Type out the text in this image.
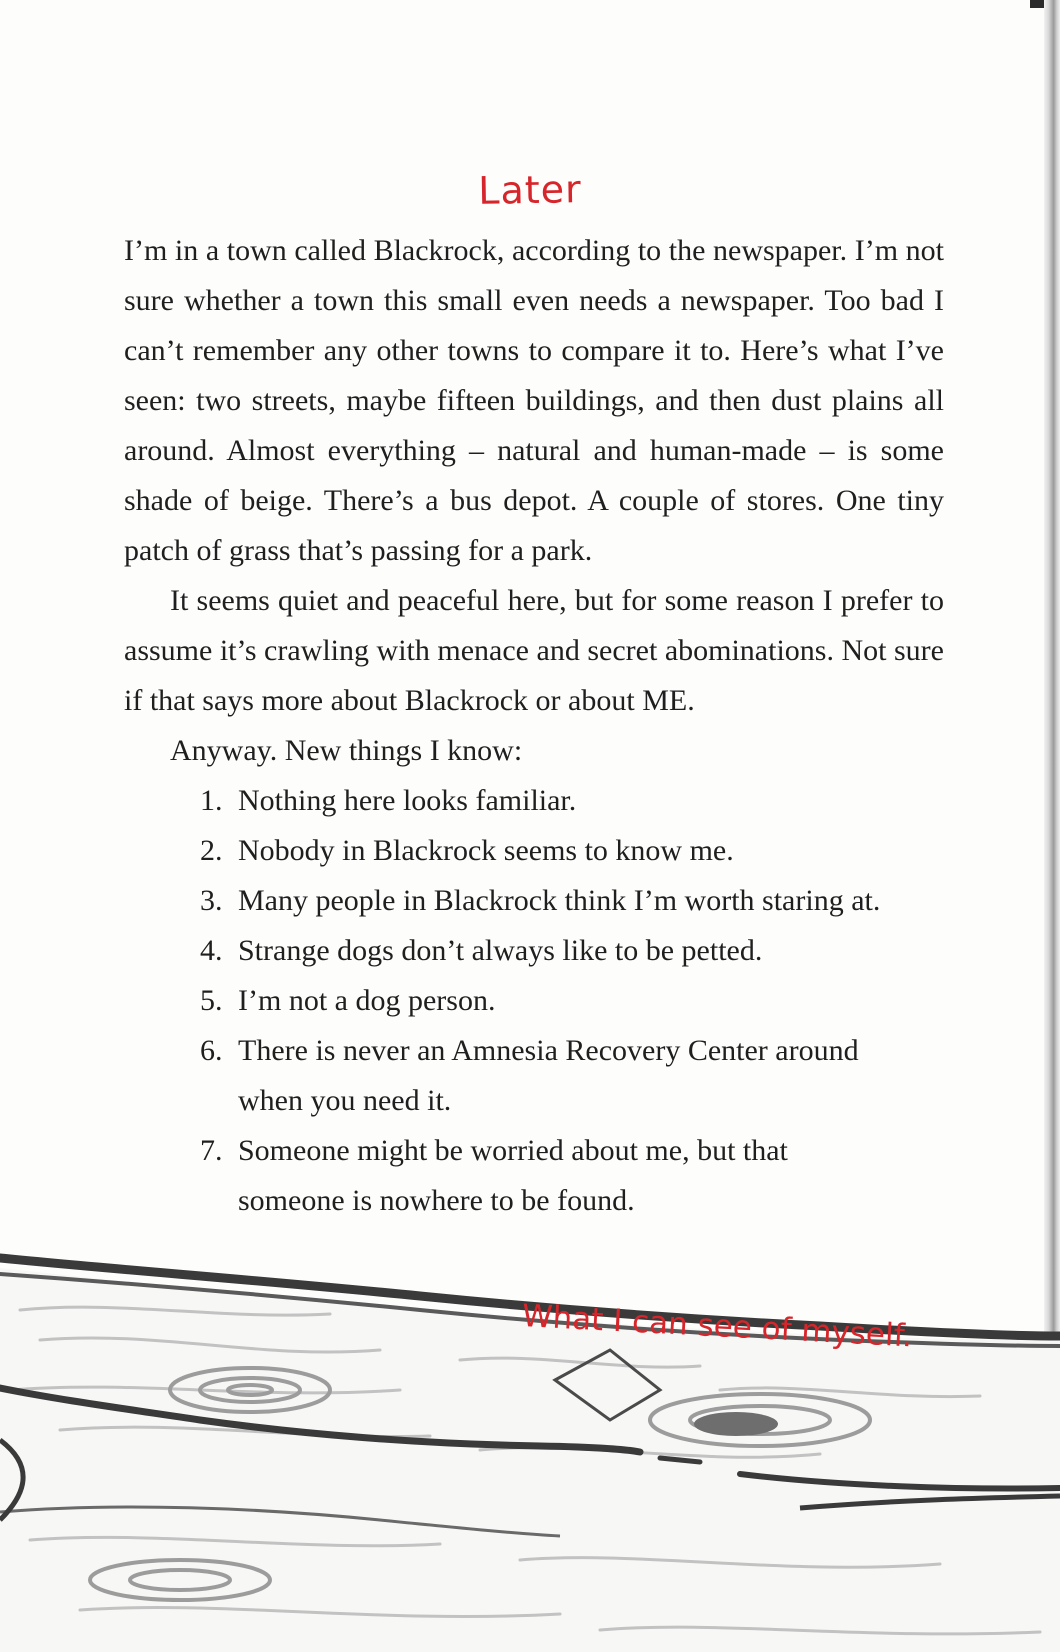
Later

I’m in a town called Blackrock, according to the newspaper. I’m not sure whether a town this small even needs a newspaper. Too bad I can’t remember any other towns to compare it to. Here’s what I’ve seen: two streets, maybe fifteen buildings, and then dust plains all around. Almost everything – natural and human-made – is some shade of beige. There’s a bus depot. A couple of stores. One tiny patch of grass that’s passing for a park.

It seems quiet and peaceful here, but for some reason I prefer to assume it’s crawling with menace and secret abominations. Not sure if that says more about Blackrock or about ME.

Anyway. New things I know:

1. Nothing here looks familiar.
2. Nobody in Blackrock seems to know me.
3. Many people in Blackrock think I’m worth staring at.
4. Strange dogs don’t always like to be petted.
5. I’m not a dog person.
6. There is never an Amnesia Recovery Center around when you need it.
7. Someone might be worried about me, but that someone is nowhere to be found.
What I can see of myself.
